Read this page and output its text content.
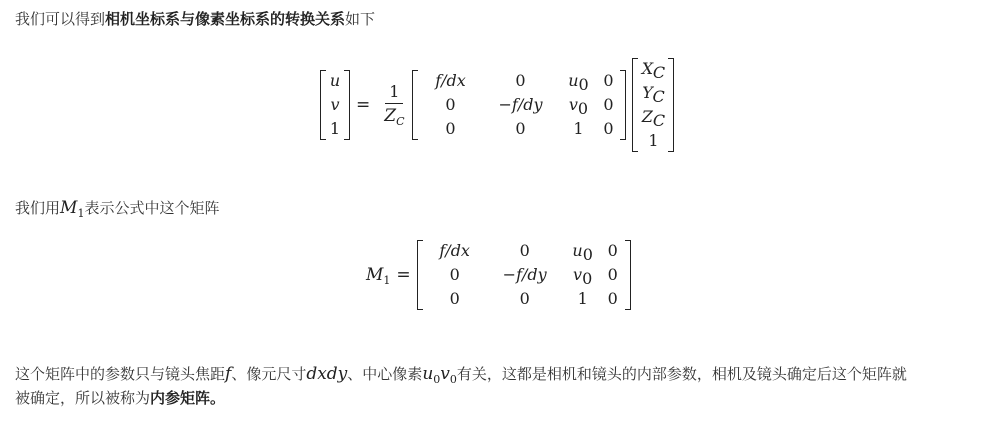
我们可以得到相机坐标系与像素坐标系的转换关系如下
u
v
1
= $\frac{1}{Z_C}$	f/dx	0	u0 0
0	−f/dy	v0 0
0	0	1	0
XC
YC
ZC
1
我们用$M_1$表示公式中这个矩阵
$M_1$ =
f/dx	0	u0 0
0	−f/dy	v0 0
0	0	1	0
这个矩阵中的参数只与镜头焦距f、像元尺寸dxdy、中心像素$u_0v_0$有关，这都是相机和镜头的内部参数，相机及镜头确定后这个矩阵就
被确定，所以被称为内参矩阵。
